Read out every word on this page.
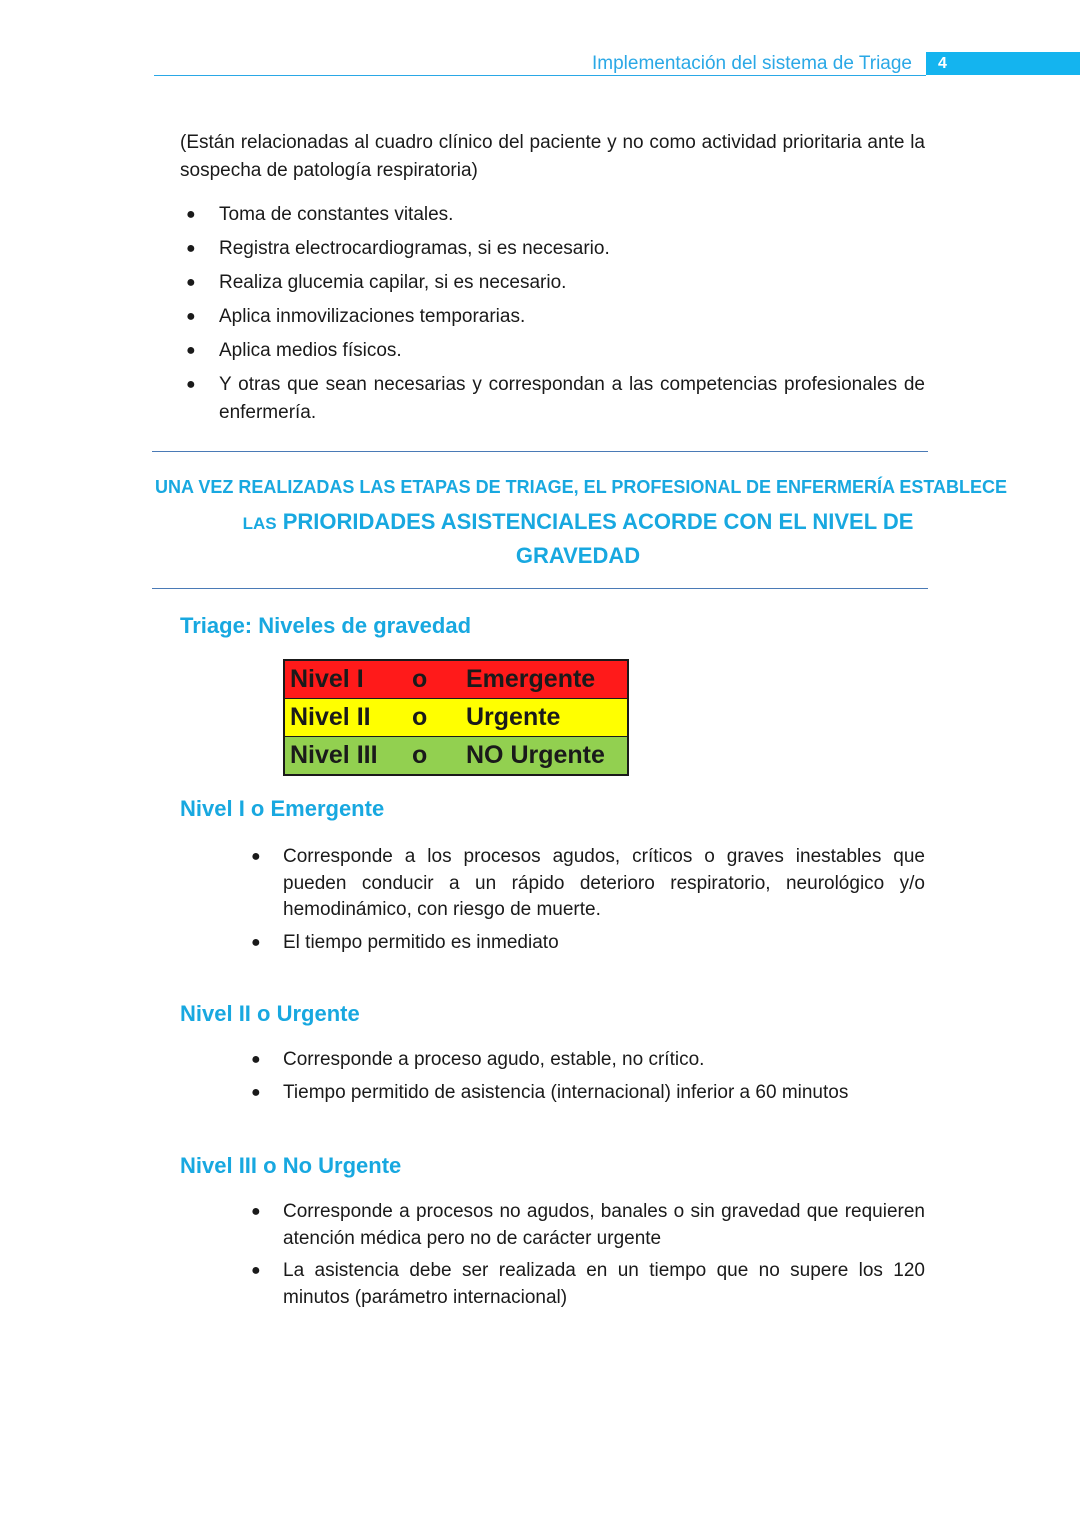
Implementación del sistema de Triage 4
(Están relacionadas al cuadro clínico del paciente y no como actividad prioritaria ante la sospecha de patología respiratoria)
● Toma de constantes vitales.
● Registra electrocardiogramas, si es necesario.
● Realiza glucemia capilar, si es necesario.
● Aplica inmovilizaciones temporarias.
● Aplica medios físicos.
● Y otras que sean necesarias y correspondan a las competencias profesionales de enfermería.
UNA VEZ REALIZADAS LAS ETAPAS DE TRIAGE, EL PROFESIONAL DE ENFERMERÍA ESTABLECE
LAS PRIORIDADES ASISTENCIALES ACORDE CON EL NIVEL DE GRAVEDAD
Triage: Niveles de gravedad
Nivel I	o	Emergente
Nivel II	o	Urgente
Nivel III	o	NO Urgente
Nivel I o Emergente
● Corresponde a los procesos agudos, críticos o graves inestables que pueden conducir a un rápido deterioro respiratorio, neurológico y/o hemodinámico, con riesgo de muerte.
● El tiempo permitido es inmediato
Nivel II o Urgente
● Corresponde a proceso agudo, estable, no crítico.
● Tiempo permitido de asistencia (internacional) inferior a 60 minutos
Nivel III o No Urgente
● Corresponde a procesos no agudos, banales o sin gravedad que requieren atención médica pero no de carácter urgente
● La asistencia debe ser realizada en un tiempo que no supere los 120 minutos (parámetro internacional)
